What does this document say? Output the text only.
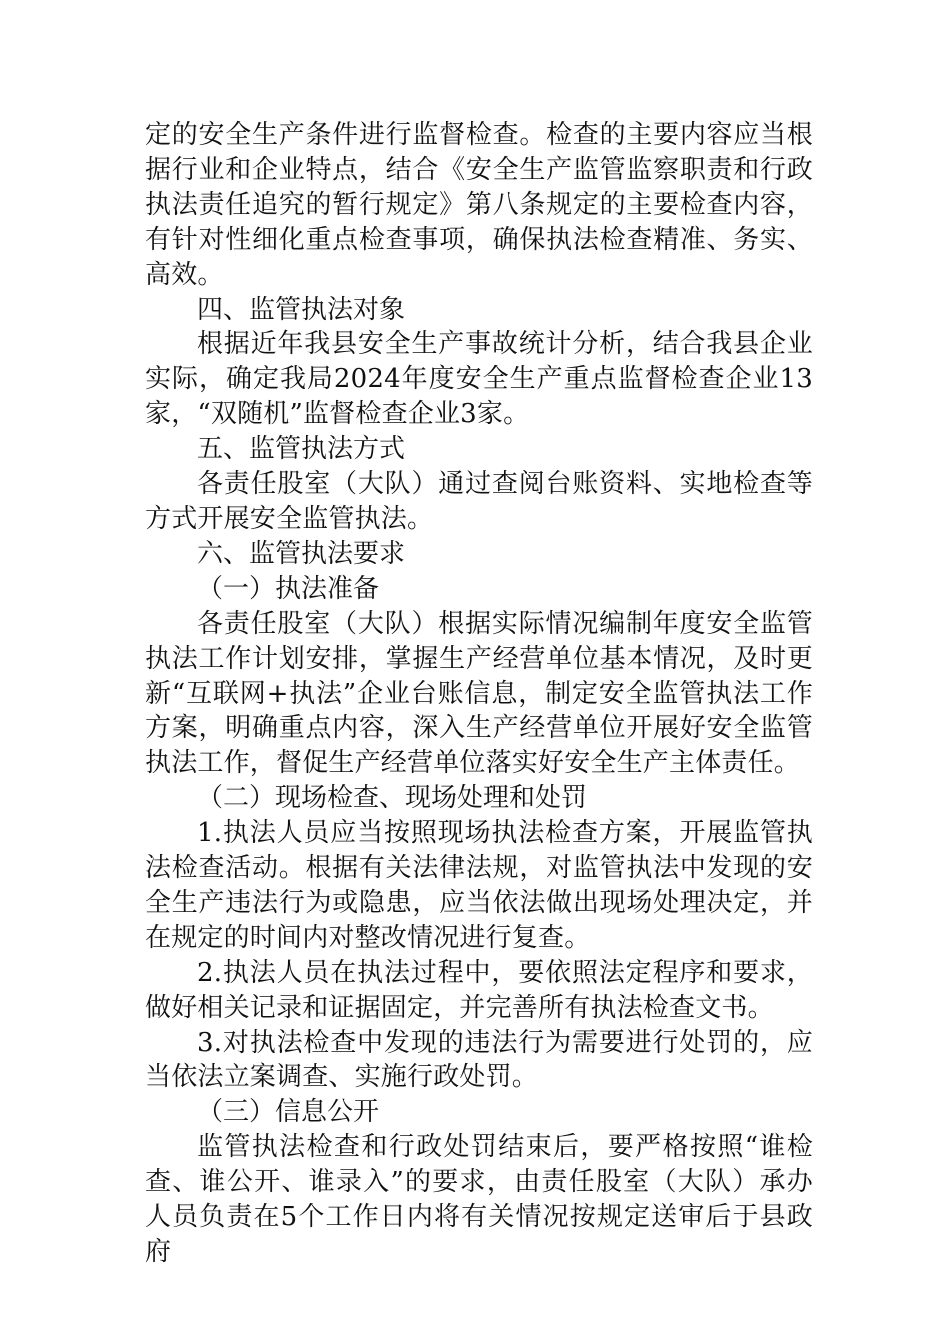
定的安全生产条件进行监督检查。检查的主要内容应当根据行业和企业特点，结合《安全生产监管监察职责和行政执法责任追究的暂行规定》第八条规定的主要检查内容，有针对性细化重点检查事项，确保执法检查精准、务实、高效。

四、监管执法对象

根据近年我县安全生产事故统计分析，结合我县企业实际，确定我局2024年度安全生产重点监督检查企业13家，“双随机”监督检查企业3家。

五、监管执法方式

各责任股室（大队）通过查阅台账资料、实地检查等方式开展安全监管执法。

六、监管执法要求

（一）执法准备

各责任股室（大队）根据实际情况编制年度安全监管执法工作计划安排，掌握生产经营单位基本情况，及时更新“互联网+执法”企业台账信息，制定安全监管执法工作方案，明确重点内容，深入生产经营单位开展好安全监管执法工作，督促生产经营单位落实好安全生产主体责任。

（二）现场检查、现场处理和处罚

1.执法人员应当按照现场执法检查方案，开展监管执法检查活动。根据有关法律法规，对监管执法中发现的安全生产违法行为或隐患，应当依法做出现场处理决定，并在规定的时间内对整改情况进行复查。

2.执法人员在执法过程中，要依照法定程序和要求，做好相关记录和证据固定，并完善所有执法检查文书。

3.对执法检查中发现的违法行为需要进行处罚的，应当依法立案调查、实施行政处罚。

（三）信息公开

监管执法检查和行政处罚结束后，要严格按照“谁检查、谁公开、谁录入”的要求，由责任股室（大队）承办人员负责在5个工作日内将有关情况按规定送审后于县政府
